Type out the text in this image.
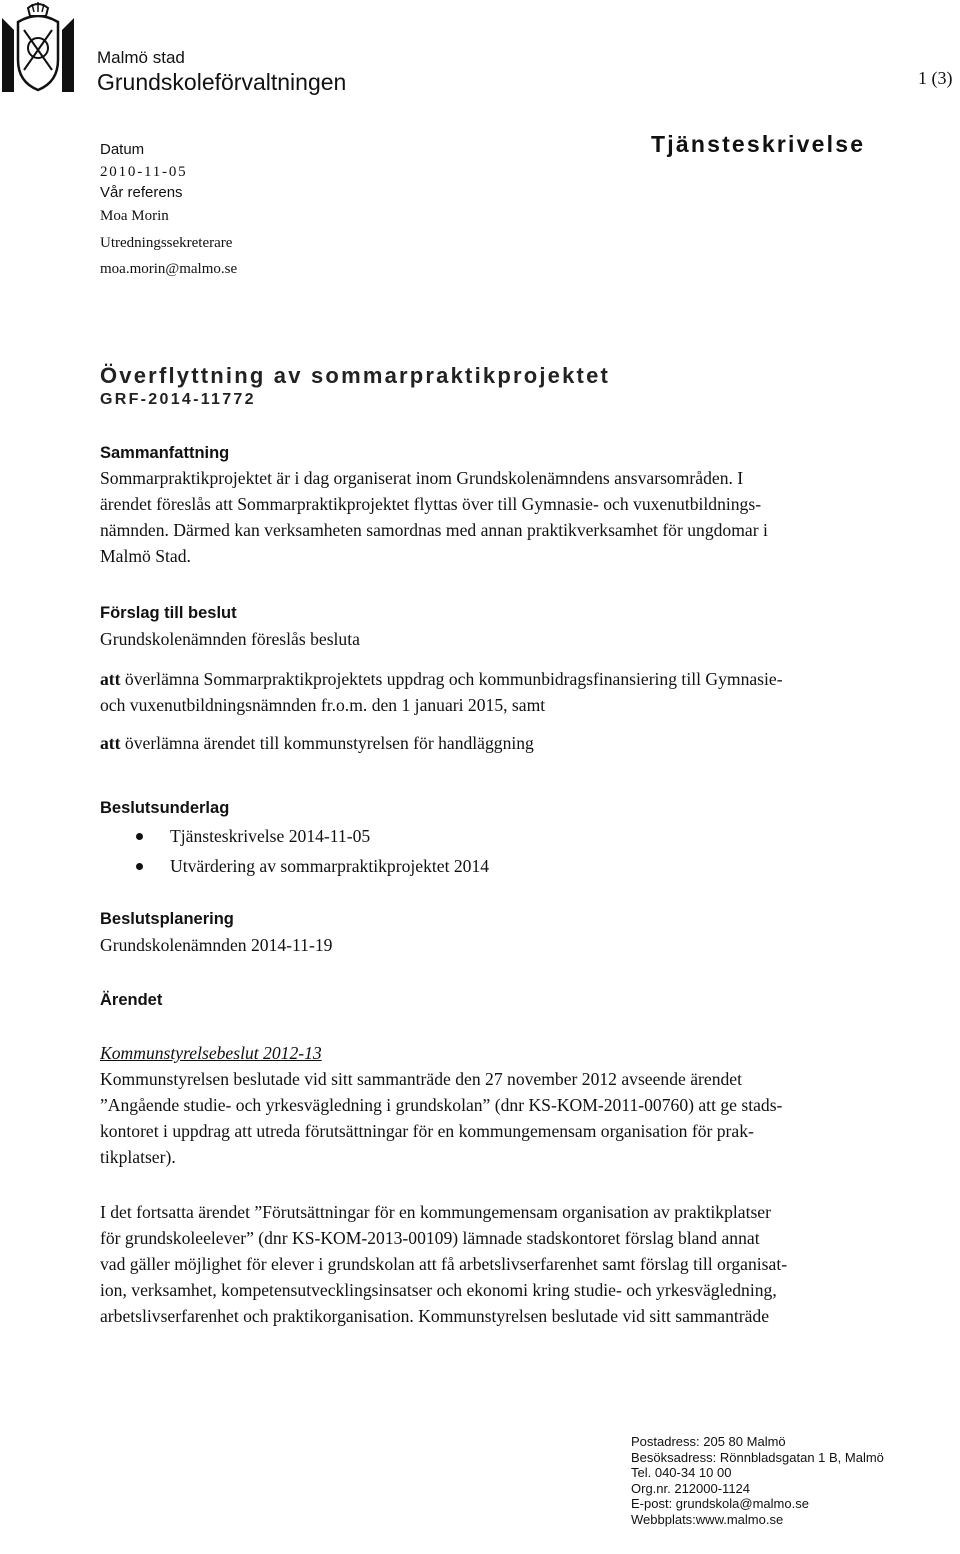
Malmö stad
Grundskoleförvaltningen	1 (3)
Datum
2010-11-05
Vår referens
Moa Morin
Utredningssekreterare
moa.morin@malmo.se
Tjänsteskrivelse
Överflyttning av sommarpraktikprojektet
GRF-2014-11772
Sammanfattning
Sommarpraktikprojektet är i dag organiserat inom Grundskolenämndens ansvarsområden. I
ärendet föreslås att Sommarpraktikprojektet flyttas över till Gymnasie- och vuxenutbildnings-
nämnden. Därmed kan verksamheten samordnas med annan praktikverksamhet för ungdomar i
Malmö Stad.
Förslag till beslut
Grundskolenämnden föreslås besluta
att överlämna Sommarpraktikprojektets uppdrag och kommunbidragsfinansiering till Gymnasie-
och vuxenutbildningsnämnden fr.o.m. den 1 januari 2015, samt
att överlämna ärendet till kommunstyrelsen för handläggning
Beslutsunderlag
Tjänsteskrivelse 2014-11-05
Utvärdering av sommarpraktikprojektet 2014
Beslutsplanering
Grundskolenämnden 2014-11-19
Ärendet
Kommunstyrelsebeslut 2012-13
Kommunstyrelsen beslutade vid sitt sammanträde den 27 november 2012 avseende ärendet
”Angående studie- och yrkesvägledning i grundskolan” (dnr KS-KOM-2011-00760) att ge stads-
kontoret i uppdrag att utreda förutsättningar för en kommungemensam organisation för prak-
tikplatser).
I det fortsatta ärendet ”Förutsättningar för en kommungemensam organisation av praktikplatser
för grundskoleelever” (dnr KS-KOM-2013-00109) lämnade stadskontoret förslag bland annat
vad gäller möjlighet för elever i grundskolan att få arbetslivserfarenhet samt förslag till organisat-
ion, verksamhet, kompetensutvecklingsinsatser och ekonomi kring studie- och yrkesvägledning,
arbetslivserfarenhet och praktikorganisation. Kommunstyrelsen beslutade vid sitt sammanträde
Postadress: 205 80 Malmö
Besöksadress: Rönnbladsgatan 1 B, Malmö
Tel. 040-34 10 00
Org.nr. 212000-1124
E-post: grundskola@malmo.se
Webbplats:www.malmo.se
